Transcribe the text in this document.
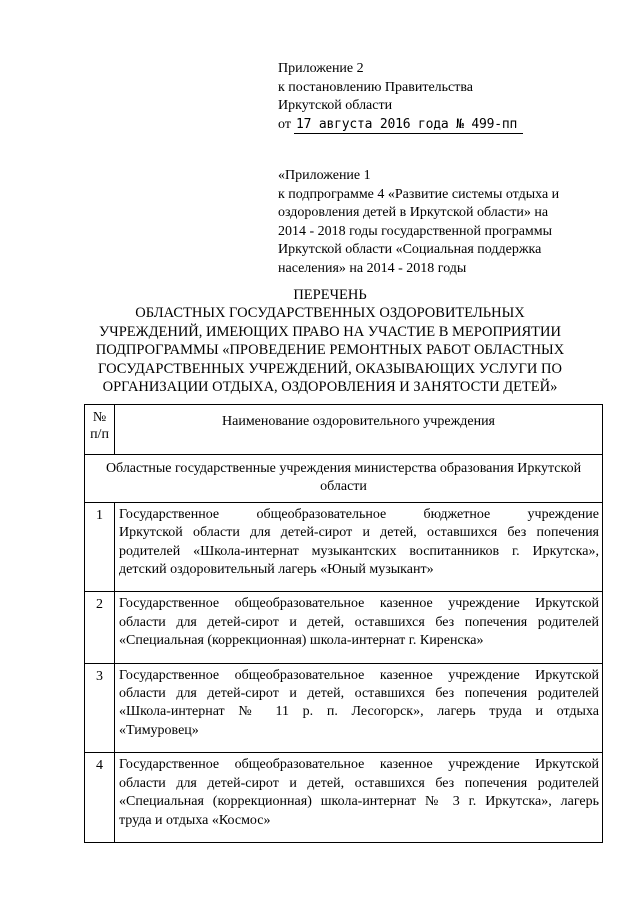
Приложение 2
к постановлению Правительства
Иркутской области
от 17 августа 2016 года № 499-пп
«Приложение 1
к подпрограмме 4 «Развитие системы отдыха и
оздоровления детей в Иркутской области» на
2014 - 2018 годы государственной программы
Иркутской области «Социальная поддержка
населения» на 2014 - 2018 годы
ПЕРЕЧЕНЬ
ОБЛАСТНЫХ ГОСУДАРСТВЕННЫХ ОЗДОРОВИТЕЛЬНЫХ
УЧРЕЖДЕНИЙ, ИМЕЮЩИХ ПРАВО НА УЧАСТИЕ В МЕРОПРИЯТИИ
ПОДПРОГРАММЫ «ПРОВЕДЕНИЕ РЕМОНТНЫХ РАБОТ ОБЛАСТНЫХ
ГОСУДАРСТВЕННЫХ УЧРЕЖДЕНИЙ, ОКАЗЫВАЮЩИХ УСЛУГИ ПО
ОРГАНИЗАЦИИ ОТДЫХА, ОЗДОРОВЛЕНИЯ И ЗАНЯТОСТИ ДЕТЕЙ»
№
п/п	Наименование оздоровительного учреждения
Областные государственные учреждения министерства образования Иркутской области	
1	Государственное общеобразовательное бюджетное учреждение
Иркутской области для детей-сирот и детей, оставшихся без попечения
родителей «Школа-интернат музыкантских воспитанников г. Иркутска»,
детский оздоровительный лагерь «Юный музыкант»

2	Государственное общеобразовательное казенное учреждение Иркутской
области для детей-сирот и детей, оставшихся без попечения родителей
«Специальная (коррекционная) школа-интернат г. Киренска»

3	Государственное общеобразовательное казенное учреждение Иркутской
области для детей-сирот и детей, оставшихся без попечения родителей
«Школа-интернат № 11 р. п. Лесогорск», лагерь труда и отдыха
«Тимуровец»

4	Государственное общеобразовательное казенное учреждение Иркутской
области для детей-сирот и детей, оставшихся без попечения родителей
«Специальная (коррекционная) школа-интернат № 3 г. Иркутска», лагерь
труда и отдыха «Космос»
